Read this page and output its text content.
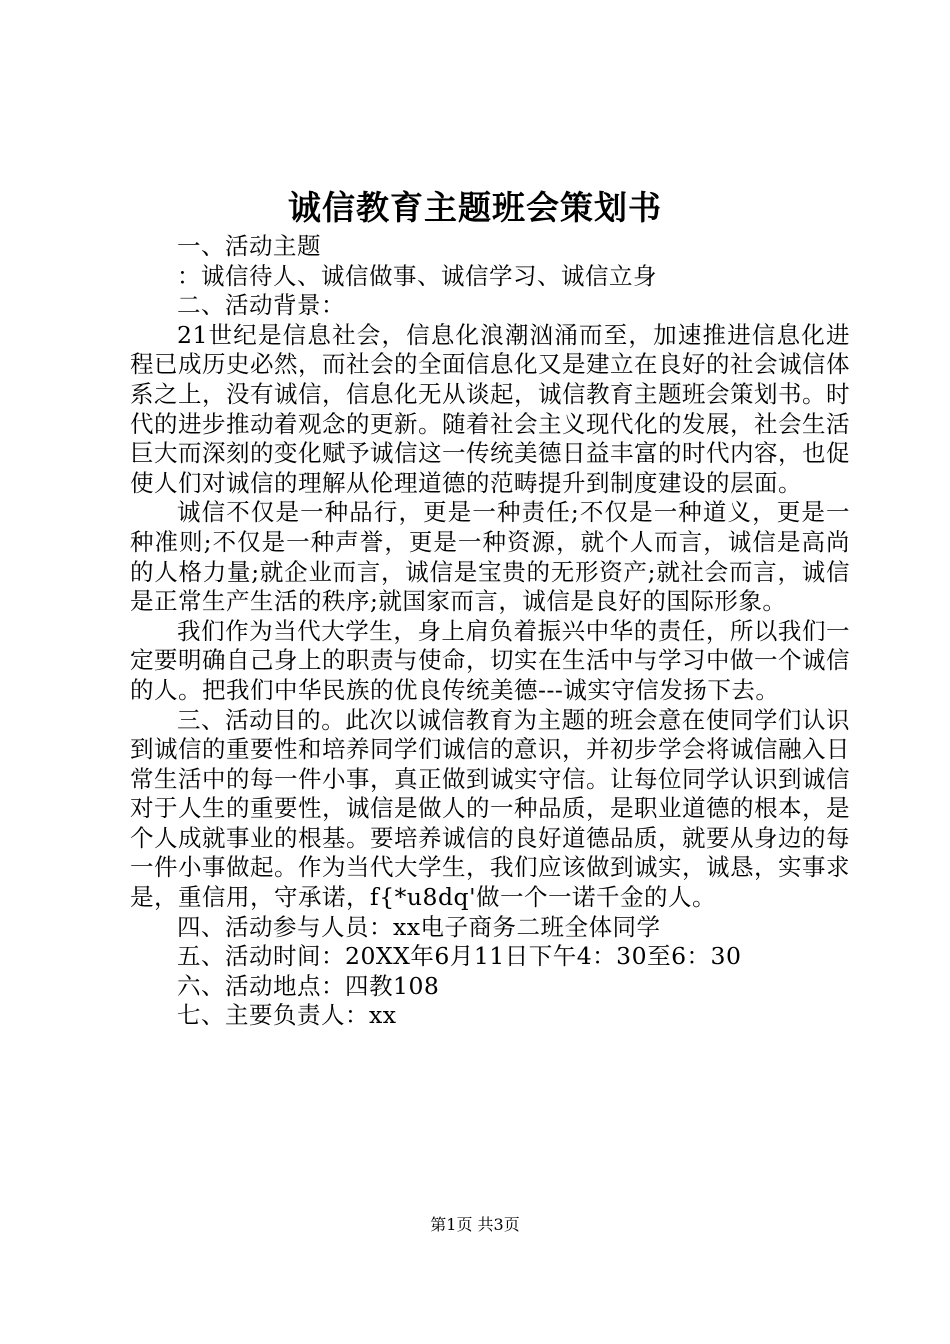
诚信教育主题班会策划书

一、活动主题

：诚信待人、诚信做事、诚信学习、诚信立身

二、活动背景：

21世纪是信息社会，信息化浪潮汹涌而至，加速推进信息化进程已成历史必然，而社会的全面信息化又是建立在良好的社会诚信体系之上，没有诚信，信息化无从谈起，诚信教育主题班会策划书。时代的进步推动着观念的更新。随着社会主义现代化的发展，社会生活巨大而深刻的变化赋予诚信这一传统美德日益丰富的时代内容，也促使人们对诚信的理解从伦理道德的范畴提升到制度建设的层面。

诚信不仅是一种品行，更是一种责任;不仅是一种道义，更是一种准则;不仅是一种声誉，更是一种资源，就个人而言，诚信是高尚的人格力量;就企业而言，诚信是宝贵的无形资产;就社会而言，诚信是正常生产生活的秩序;就国家而言，诚信是良好的国际形象。

我们作为当代大学生，身上肩负着振兴中华的责任，所以我们一定要明确自己身上的职责与使命，切实在生活中与学习中做一个诚信的人。把我们中华民族的优良传统美德---诚实守信发扬下去。

三、活动目的。此次以诚信教育为主题的班会意在使同学们认识到诚信的重要性和培养同学们诚信的意识，并初步学会将诚信融入日常生活中的每一件小事，真正做到诚实守信。让每位同学认识到诚信对于人生的重要性，诚信是做人的一种品质，是职业道德的根本，是个人成就事业的根基。要培养诚信的良好道德品质，就要从身边的每一件小事做起。作为当代大学生，我们应该做到诚实，诚恳，实事求是，重信用，守承诺，f{*u8dq'做一个一诺千金的人。

四、活动参与人员：xx电子商务二班全体同学

五、活动时间：20XX年6月11日下午4：30至6：30

六、活动地点：四教108

七、主要负责人：xx

第1页 共3页
